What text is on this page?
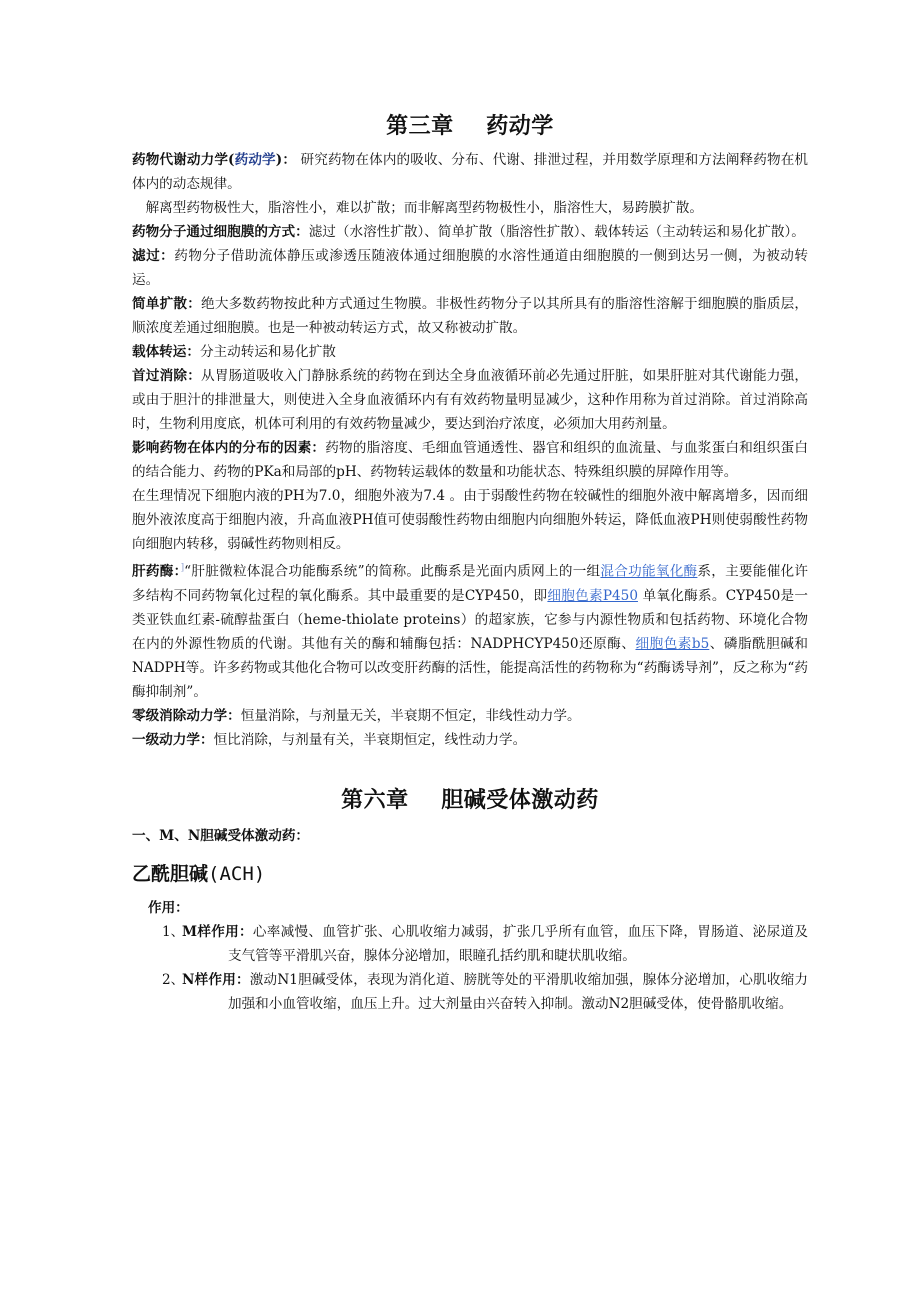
第三章    药动学

药物代谢动力学(药动学)： 研究药物在体内的吸收、分布、代谢、排泄过程，并用数学原理和方法阐释药物在机体内的动态规律。

解离型药物极性大，脂溶性小，难以扩散；而非解离型药物极性小，脂溶性大，易跨膜扩散。

药物分子通过细胞膜的方式：滤过（水溶性扩散）、简单扩散（脂溶性扩散）、载体转运（主动转运和易化扩散）。

滤过：药物分子借助流体静压或渗透压随液体通过细胞膜的水溶性通道由细胞膜的一侧到达另一侧，为被动转运。

简单扩散：绝大多数药物按此种方式通过生物膜。非极性药物分子以其所具有的脂溶性溶解于细胞膜的脂质层，顺浓度差通过细胞膜。也是一种被动转运方式，故又称被动扩散。

载体转运：分主动转运和易化扩散

首过消除：从胃肠道吸收入门静脉系统的药物在到达全身血液循环前必先通过肝脏，如果肝脏对其代谢能力强，或由于胆汁的排泄量大，则使进入全身血液循环内有有效药物量明显减少，这种作用称为首过消除。首过消除高时，生物利用度底，机体可利用的有效药物量减少，要达到治疗浓度，必须加大用药剂量。

影响药物在体内的分布的因素：药物的脂溶度、毛细血管通透性、器官和组织的血流量、与血浆蛋白和组织蛋白的结合能力、药物的PKa和局部的pH、药物转运载体的数量和功能状态、特殊组织膜的屏障作用等。

在生理情况下细胞内液的PH为7.0，细胞外液为7.4 。由于弱酸性药物在较碱性的细胞外液中解离增多，因而细胞外液浓度高于细胞内液，升高血液PH值可使弱酸性药物由细胞内向细胞外转运，降低血液PH则使弱酸性药物向细胞内转移，弱碱性药物则相反。

肝药酶：]“肝脏微粒体混合功能酶系统”的简称。此酶系是光面内质网上的一组混合功能氧化酶系，主要能催化许多结构不同药物氧化过程的氧化酶系。其中最重要的是CYP450，即细胞色素P450 单氧化酶系。CYP450是一类亚铁血红素-硫醇盐蛋白（heme-thiolate proteins）的超家族，它参与内源性物质和包括药物、环境化合物在内的外源性物质的代谢。其他有关的酶和辅酶包括：NADPHCYP450还原酶、细胞色素b5、磷脂酰胆碱和NADPH等。许多药物或其他化合物可以改变肝药酶的活性，能提高活性的药物称为“药酶诱导剂”，反之称为“药酶抑制剂”。

零级消除动力学：恒量消除，与剂量无关，半衰期不恒定，非线性动力学。

一级动力学：恒比消除，与剂量有关，半衰期恒定，线性动力学。

第六章    胆碱受体激动药

一、M、N胆碱受体激动药：

乙酰胆碱(ACH)

作用：

1、M样作用：心率减慢、血管扩张、心肌收缩力减弱，扩张几乎所有血管，血压下降，胃肠道、泌尿道及支气管等平滑肌兴奋，腺体分泌增加，眼瞳孔括约肌和睫状肌收缩。

2、N样作用：激动N1胆碱受体，表现为消化道、膀胱等处的平滑肌收缩加强，腺体分泌增加，心肌收缩力加强和小血管收缩，血压上升。过大剂量由兴奋转入抑制。激动N2胆碱受体，使骨骼肌收缩。
